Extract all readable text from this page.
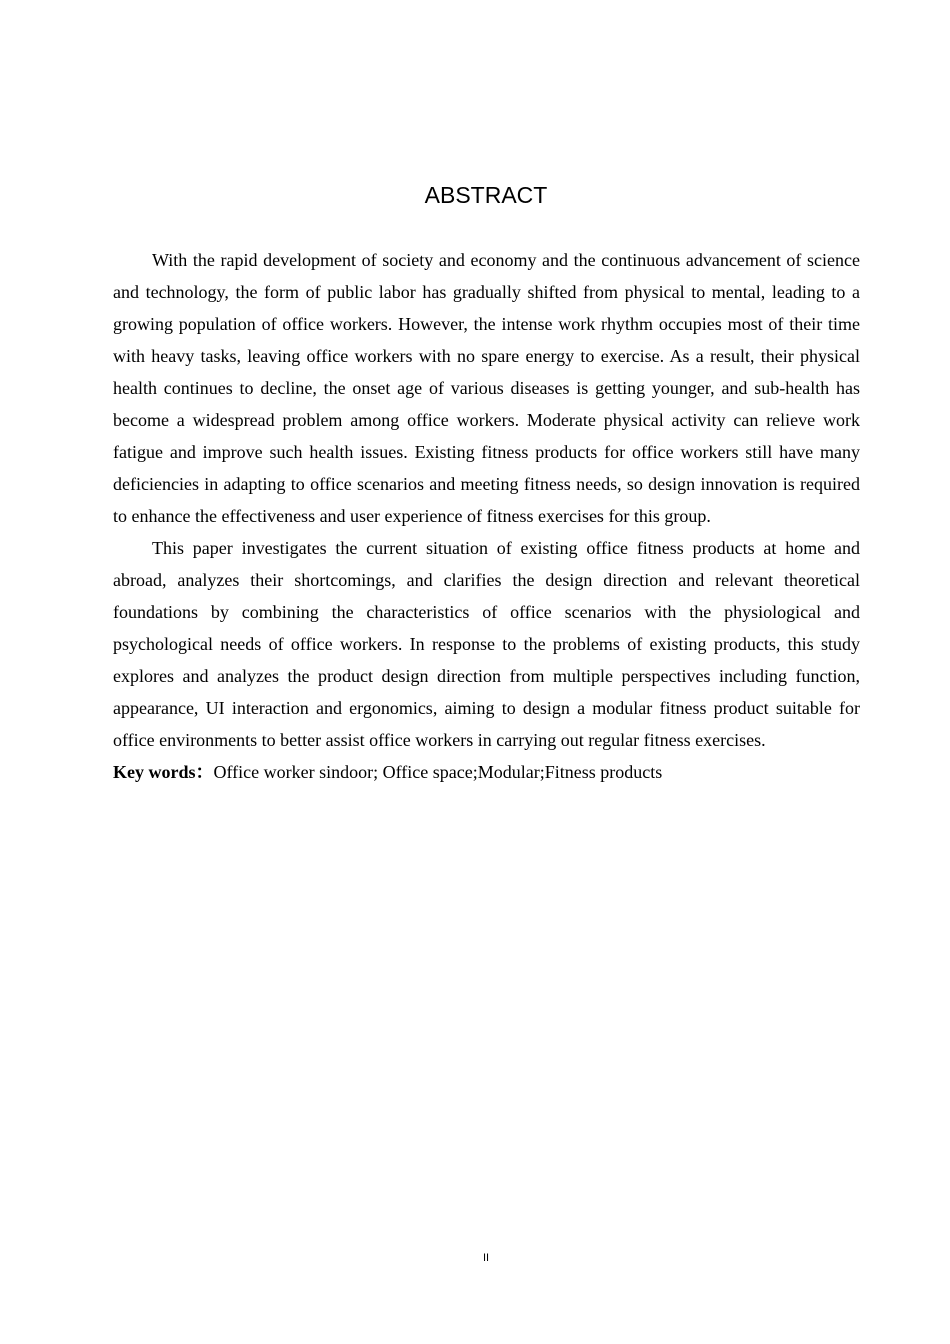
ABSTRACT

With the rapid development of society and economy and the continuous advancement of science and technology, the form of public labor has gradually shifted from physical to mental, leading to a growing population of office workers. However, the intense work rhythm occupies most of their time with heavy tasks, leaving office workers with no spare energy to exercise. As a result, their physical health continues to decline, the onset age of various diseases is getting younger, and sub-health has become a widespread problem among office workers. Moderate physical activity can relieve work fatigue and improve such health issues. Existing fitness products for office workers still have many deficiencies in adapting to office scenarios and meeting fitness needs, so design innovation is required to enhance the effectiveness and user experience of fitness exercises for this group.

This paper investigates the current situation of existing office fitness products at home and abroad, analyzes their shortcomings, and clarifies the design direction and relevant theoretical foundations by combining the characteristics of office scenarios with the physiological and psychological needs of office workers. In response to the problems of existing products, this study explores and analyzes the product design direction from multiple perspectives including function, appearance, UI interaction and ergonomics, aiming to design a modular fitness product suitable for office environments to better assist office workers in carrying out regular fitness exercises.

Key words：Office worker sindoor; Office space;Modular;Fitness products

II
